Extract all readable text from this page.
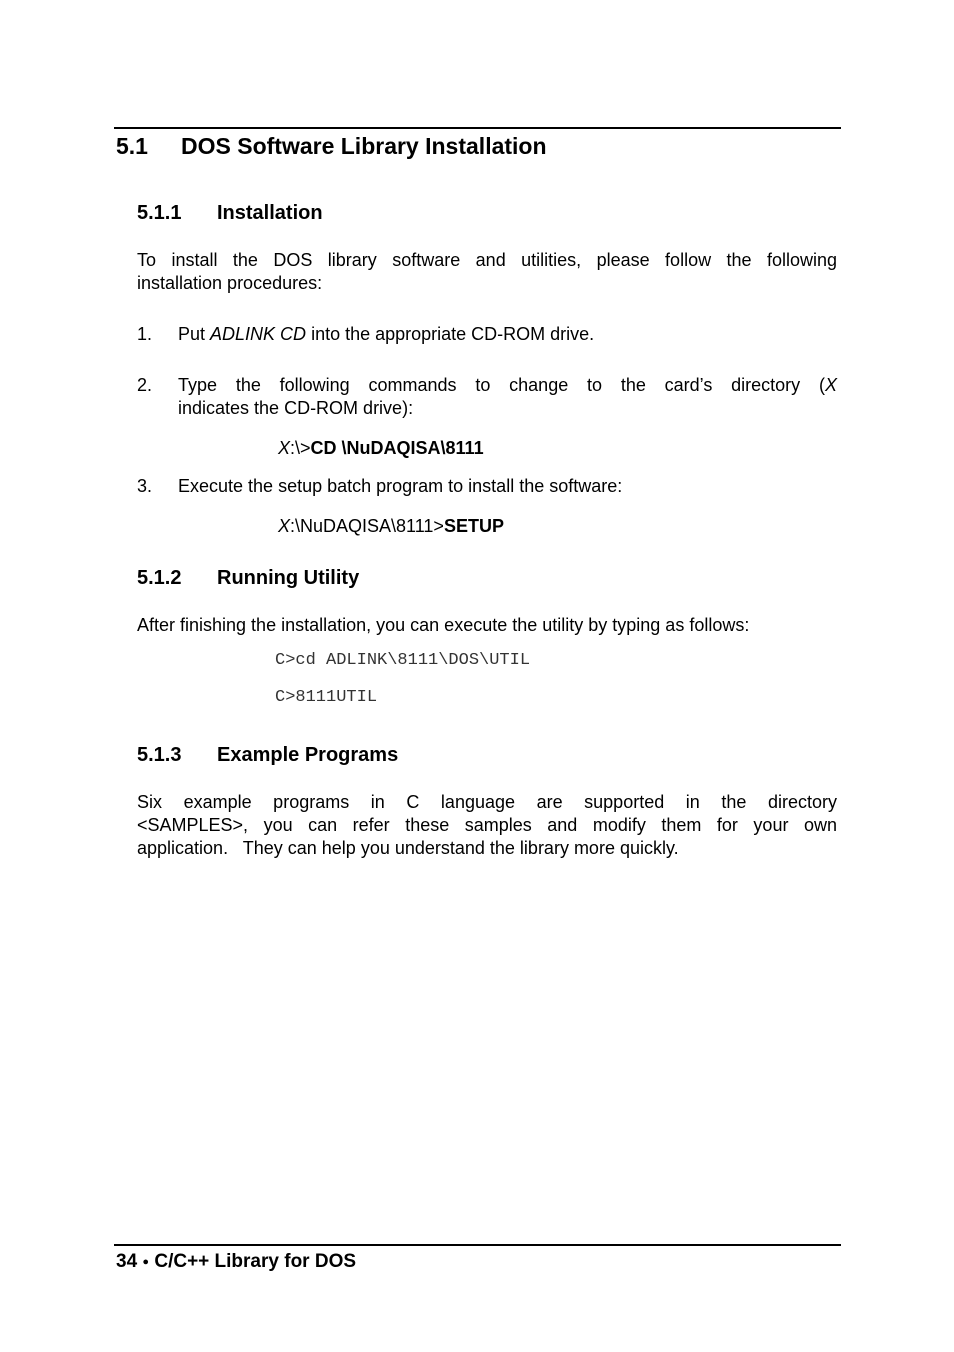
5.1 DOS Software Library Installation
5.1.1 Installation
To install the DOS library software and utilities, please follow the following
installation procedures:
1. Put ADLINK CD into the appropriate CD-ROM drive.
2. Type the following commands to change to the card’s directory (X
indicates the CD-ROM drive):
X:\>CD \NuDAQISA\8111
3. Execute the setup batch program to install the software:
X:\NuDAQISA\8111>SETUP
5.1.2 Running Utility
After finishing the installation, you can execute the utility by typing as follows:
C>cd ADLINK\8111\DOS\UTIL
C>8111UTIL
5.1.3 Example Programs
Six example programs in C language are supported in the directory
<SAMPLES>, you can refer these samples and modify them for your own
application.   They can help you understand the library more quickly.
34 ● C/C++ Library for DOS
